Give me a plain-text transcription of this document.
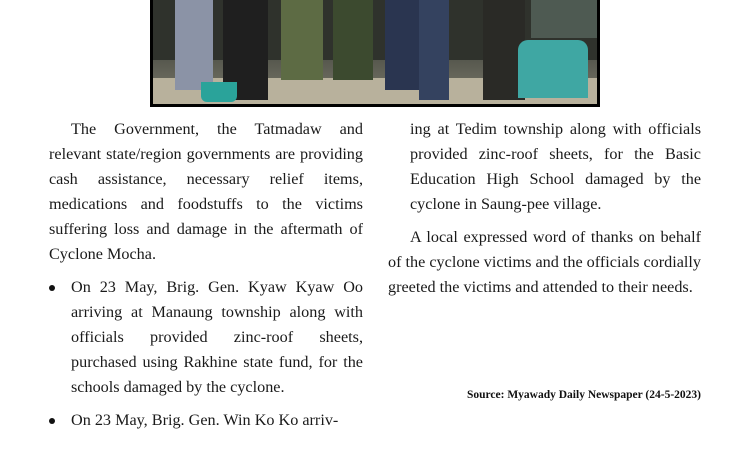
The Government, the Tatmadaw and relevant state/region governments are providing cash assistance, necessary relief items, medications and foodstuffs to the victims suffering loss and damage in the aftermath of Cyclone Mocha.

On 23 May, Brig. Gen. Kyaw Kyaw Oo arriving at Manaung township along with officials provided zinc-roof sheets, purchased using Rakhine state fund, for the schools damaged by the cyclone.
On 23 May, Brig. Gen. Win Ko Ko arriv-

ing at Tedim township along with officials provided zinc-roof sheets, for the Basic Education High School damaged by the cyclone in Saung-pee village.

A local expressed word of thanks on behalf of the cyclone victims and the officials cordially greeted the victims and attended to their needs.

Source: Myawady Daily Newspaper (24-5-2023)
